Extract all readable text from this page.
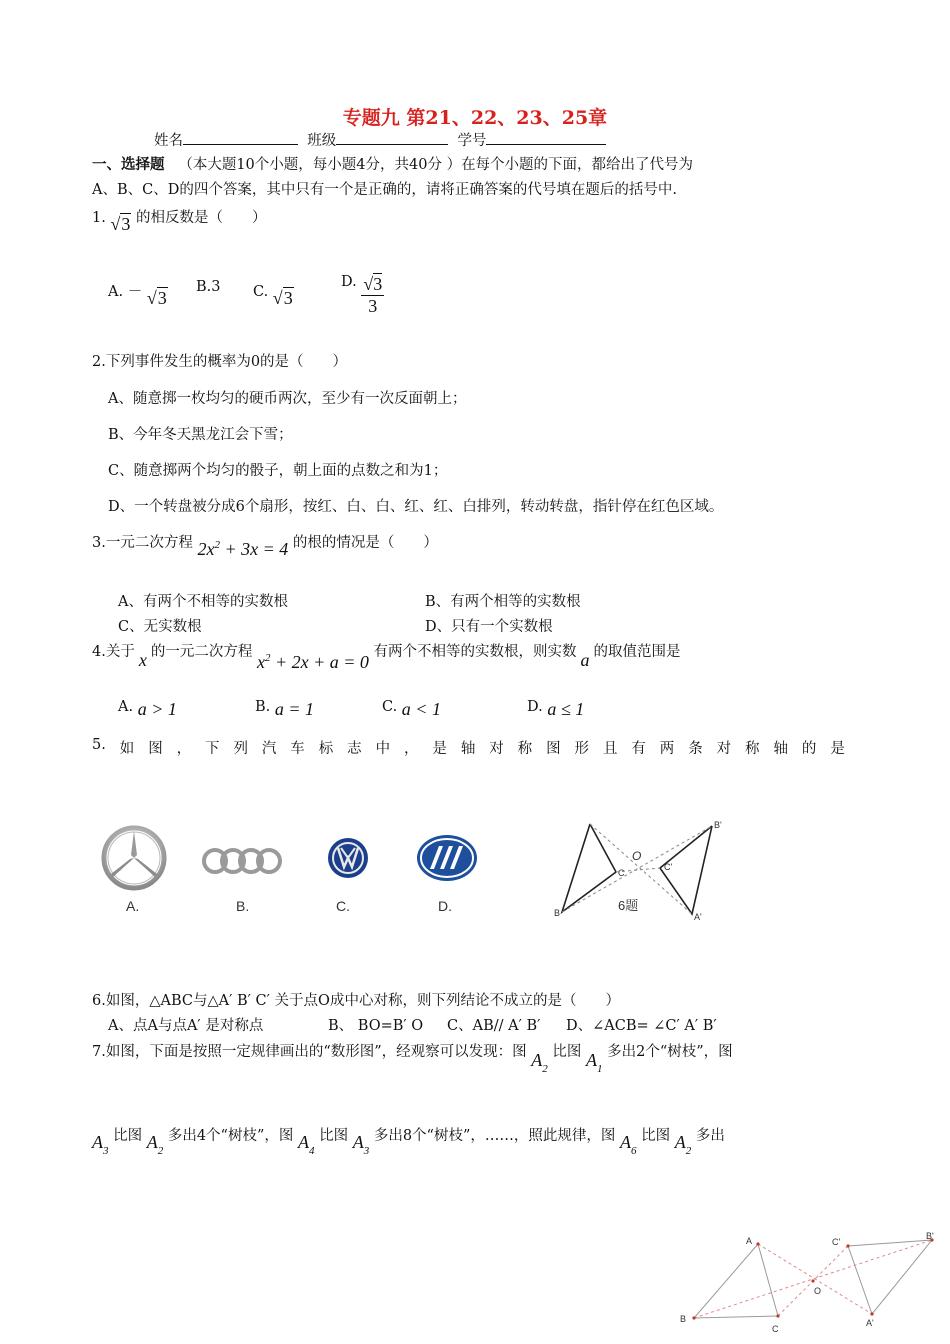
专题九 第21、22、23、25章
姓名	班级	学号
一、选择题 （本大题10个小题，每小题4分，共40分 ）在每个小题的下面，都给出了代号为
A、B、C、D的四个答案，其中只有一个是正确的，请将正确答案的代号填在题后的括号中.
1. √3 的相反数是（　　）
A. － √3
B.3 C. √3
D. $\frac{√3}{3}$
2.下列事件发生的概率为0的是（　　）
A、随意掷一枚均匀的硬币两次，至少有一次反面朝上；
B、今年冬天黑龙江会下雪；
C、随意掷两个均匀的骰子，朝上面的点数之和为1；
D、一个转盘被分成6个扇形，按红、白、白、红、红、白排列，转动转盘，指针停在红色区域。
3.一元二次方程 $2x^2 + 3x = 4$ 的根的情况是（　　）
A、有两个不相等的实数根	B、有两个相等的实数根
C、无实数根	D、只有一个实数根
4.关于 x 的一元二次方程 $x^2 + 2x + a = 0$ 有两个不相等的实数根，则实数 a 的取值范围是
A. a > 1	B. a = 1	C. a < 1	D. a ≤ 1
5. 如 图 ， 下 列 汽 车 标 志 中 ， 是 轴 对 称 图 形 且 有 两 条 对 称 轴 的 是
A.	B.	C.	D.
B'
O
C
C'
B	A'
6题
6.如图，△ABC与△A′ B′ C′ 关于点O成中心对称，则下列结论不成立的是（　　）
A、点A与点A′ 是对称点	B、 BO=B′ O C、AB// A′ B′ D、∠ACB= ∠C′ A′ B′
7.如图，下面是按照一定规律画出的“数形图”，经观察可以发现：图 $A_2$ 比图 $A_1$ 多出2个“树枝”，图
$A_3$ 比图 $A_2$ 多出4个“树枝”，图 $A_4$ 比图 $A_3$ 多出8个“树枝”，……，照此规律，图 $A_6$ 比图 $A_2$ 多出
A	C'
B'
O
B
C
A'
